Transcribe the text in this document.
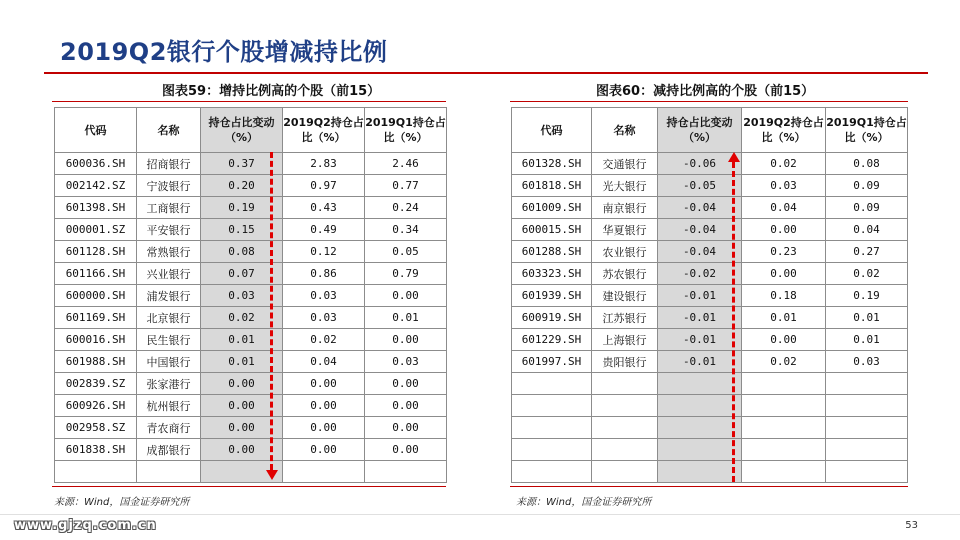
2019Q2银行个股增减持比例
图表59：增持比例高的个股（前15）
代码	名称	持仓占比变动（%）	2019Q2持仓占比（%）	2019Q1持仓占比（%）
600036.SH	招商银行	0.37	2.83	2.46
002142.SZ	宁波银行	0.20	0.97	0.77
601398.SH	工商银行	0.19	0.43	0.24
000001.SZ	平安银行	0.15	0.49	0.34
601128.SH	常熟银行	0.08	0.12	0.05
601166.SH	兴业银行	0.07	0.86	0.79
600000.SH	浦发银行	0.03	0.03	0.00
601169.SH	北京银行	0.02	0.03	0.01
600016.SH	民生银行	0.01	0.02	0.00
601988.SH	中国银行	0.01	0.04	0.03
002839.SZ	张家港行	0.00	0.00	0.00
600926.SH	杭州银行	0.00	0.00	0.00
002958.SZ	青农商行	0.00	0.00	0.00
601838.SH	成都银行	0.00	0.00	0.00

来源：Wind，国金证券研究所
图表60：减持比例高的个股（前15）
代码	名称	持仓占比变动（%）	2019Q2持仓占比（%）	2019Q1持仓占比（%）
601328.SH	交通银行	-0.06	0.02	0.08
601818.SH	光大银行	-0.05	0.03	0.09
601009.SH	南京银行	-0.04	0.04	0.09
600015.SH	华夏银行	-0.04	0.00	0.04
601288.SH	农业银行	-0.04	0.23	0.27
603323.SH	苏农银行	-0.02	0.00	0.02
601939.SH	建设银行	-0.01	0.18	0.19
600919.SH	江苏银行	-0.01	0.01	0.01
601229.SH	上海银行	-0.01	0.00	0.01
601997.SH	贵阳银行	-0.01	0.02	0.03

来源：Wind，国金证券研究所
www.gjzq.com.cn	53
